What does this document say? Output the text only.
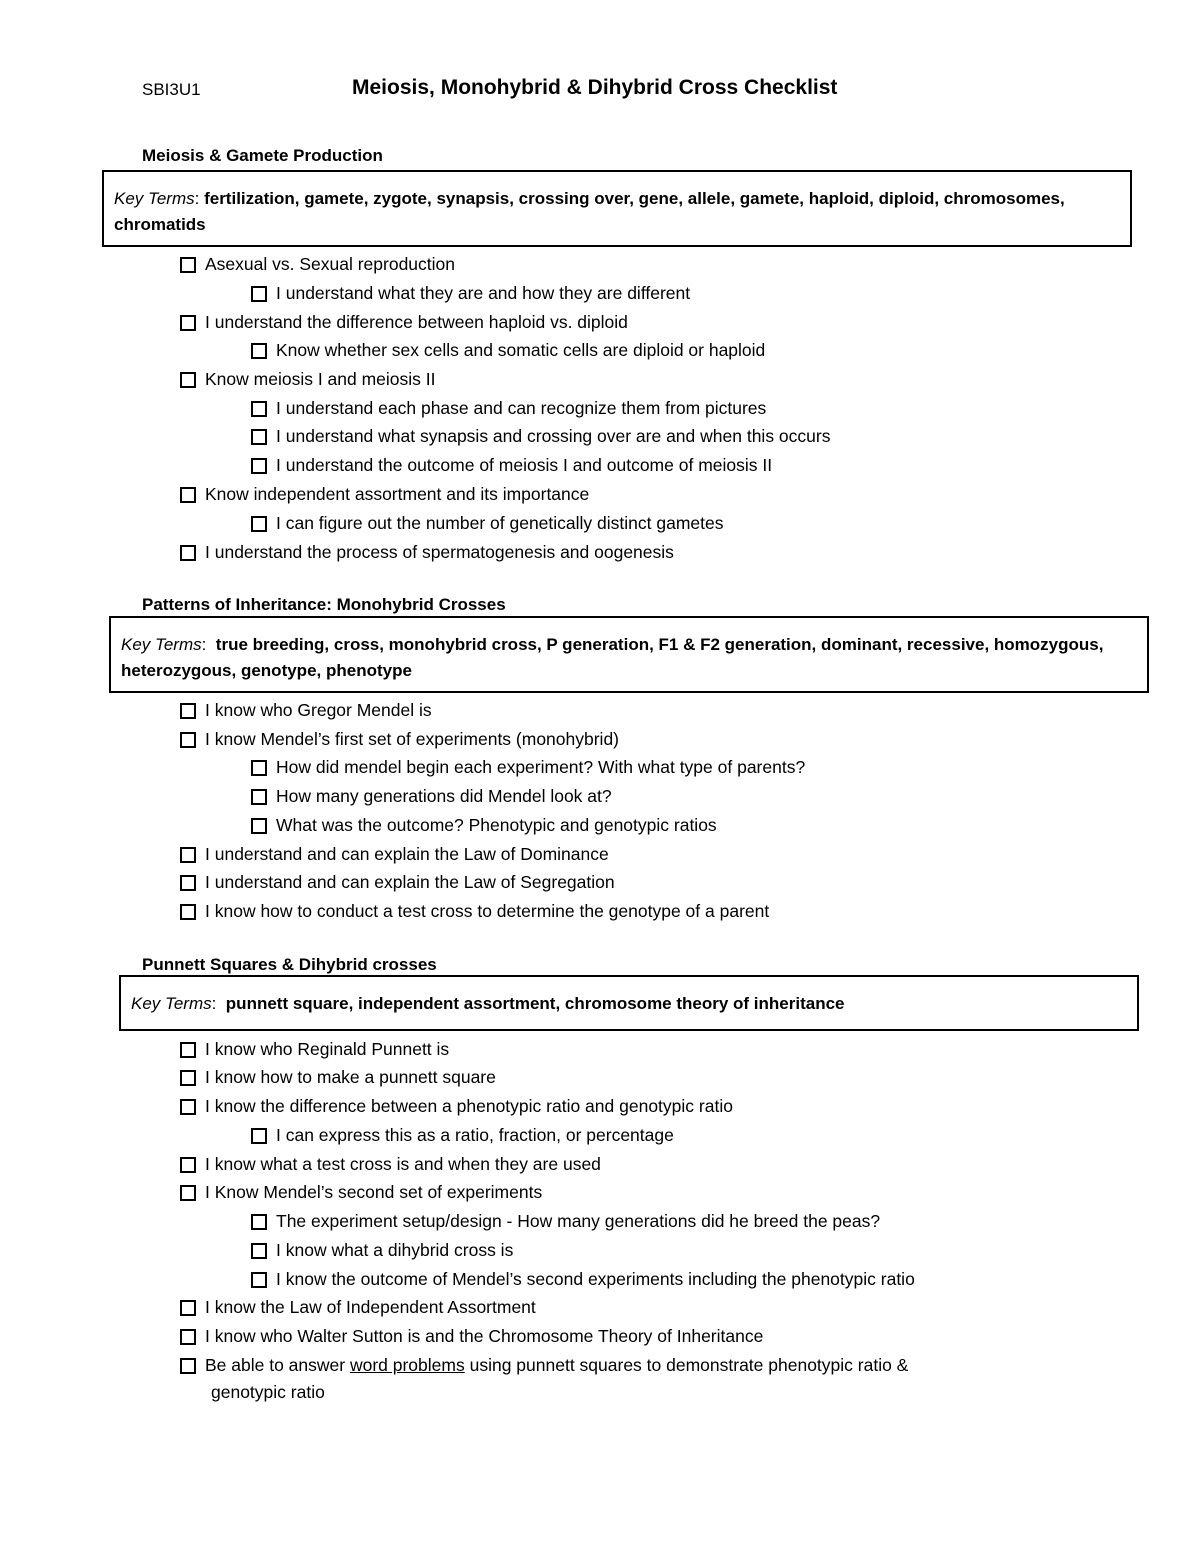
SBI3U1	Meiosis, Monohybrid & Dihybrid Cross Checklist
Meiosis & Gamete Production
Key Terms: fertilization, gamete, zygote, synapsis, crossing over, gene, allele, gamete, haploid, diploid, chromosomes, chromatids
Asexual vs. Sexual reproduction
I understand what they are and how they are different
I understand the difference between haploid vs. diploid
Know whether sex cells and somatic cells are diploid or haploid
Know meiosis I and meiosis II
I understand each phase and can recognize them from pictures
I understand what synapsis and crossing over are and when this occurs
I understand the outcome of meiosis I and outcome of meiosis II
Know independent assortment and its importance
I can figure out the number of genetically distinct gametes
I understand the process of spermatogenesis and oogenesis
Patterns of Inheritance: Monohybrid Crosses
Key Terms:  true breeding, cross, monohybrid cross, P generation, F1 & F2 generation, dominant, recessive, homozygous, heterozygous, genotype, phenotype
I know who Gregor Mendel is
I know Mendel’s first set of experiments (monohybrid)
How did mendel begin each experiment? With what type of parents?
How many generations did Mendel look at?
What was the outcome? Phenotypic and genotypic ratios
I understand and can explain the Law of Dominance
I understand and can explain the Law of Segregation
I know how to conduct a test cross to determine the genotype of a parent
Punnett Squares & Dihybrid crosses
Key Terms:  punnett square, independent assortment, chromosome theory of inheritance
I know who Reginald Punnett is
I know how to make a punnett square
I know the difference between a phenotypic ratio and genotypic ratio
I can express this as a ratio, fraction, or percentage
I know what a test cross is and when they are used
I Know Mendel’s second set of experiments
The experiment setup/design - How many generations did he breed the peas?
I know what a dihybrid cross is
I know the outcome of Mendel’s second experiments including the phenotypic ratio
I know the Law of Independent Assortment
I know who Walter Sutton is and the Chromosome Theory of Inheritance
Be able to answer word problems using punnett squares to demonstrate phenotypic ratio &
genotypic ratio
